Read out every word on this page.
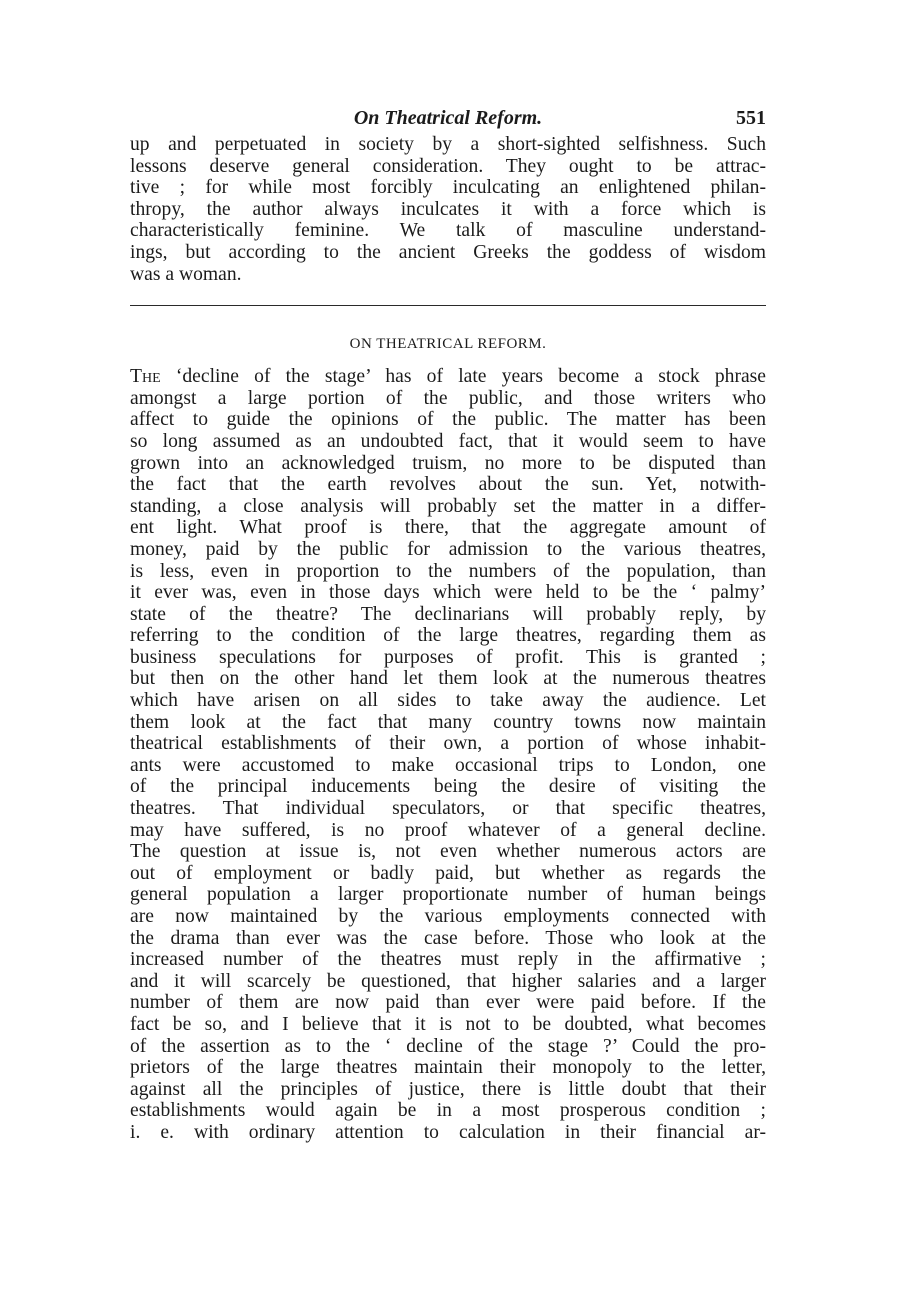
On Theatrical Reform.	551
up and perpetuated in society by a short-sighted selfishness. Such
lessons deserve general consideration. They ought to be attrac-
tive ; for while most forcibly inculcating an enlightened philan-
thropy, the author always inculcates it with a force which is
characteristically feminine. We talk of masculine understand-
ings, but according to the ancient Greeks the goddess of wisdom
was a woman.
ON THEATRICAL REFORM.
The ‘decline of the stage’ has of late years become a stock phrase
amongst a large portion of the public, and those writers who
affect to guide the opinions of the public. The matter has been
so long assumed as an undoubted fact, that it would seem to have
grown into an acknowledged truism, no more to be disputed than
the fact that the earth revolves about the sun. Yet, notwith-
standing, a close analysis will probably set the matter in a differ-
ent light. What proof is there, that the aggregate amount of
money, paid by the public for admission to the various theatres,
is less, even in proportion to the numbers of the population, than
it ever was, even in those days which were held to be the ‘ palmy’
state of the theatre? The declinarians will probably reply, by
referring to the condition of the large theatres, regarding them as
business speculations for purposes of profit. This is granted ;
but then on the other hand let them look at the numerous theatres
which have arisen on all sides to take away the audience. Let
them look at the fact that many country towns now maintain
theatrical establishments of their own, a portion of whose inhabit-
ants were accustomed to make occasional trips to London, one
of the principal inducements being the desire of visiting the
theatres. That individual speculators, or that specific theatres,
may have suffered, is no proof whatever of a general decline.
The question at issue is, not even whether numerous actors are
out of employment or badly paid, but whether as regards the
general population a larger proportionate number of human beings
are now maintained by the various employments connected with
the drama than ever was the case before. Those who look at the
increased number of the theatres must reply in the affirmative ;
and it will scarcely be questioned, that higher salaries and a larger
number of them are now paid than ever were paid before. If the
fact be so, and I believe that it is not to be doubted, what becomes
of the assertion as to the ‘ decline of the stage ?’ Could the pro-
prietors of the large theatres maintain their monopoly to the letter,
against all the principles of justice, there is little doubt that their
establishments would again be in a most prosperous condition ;
i. e. with ordinary attention to calculation in their financial ar-
